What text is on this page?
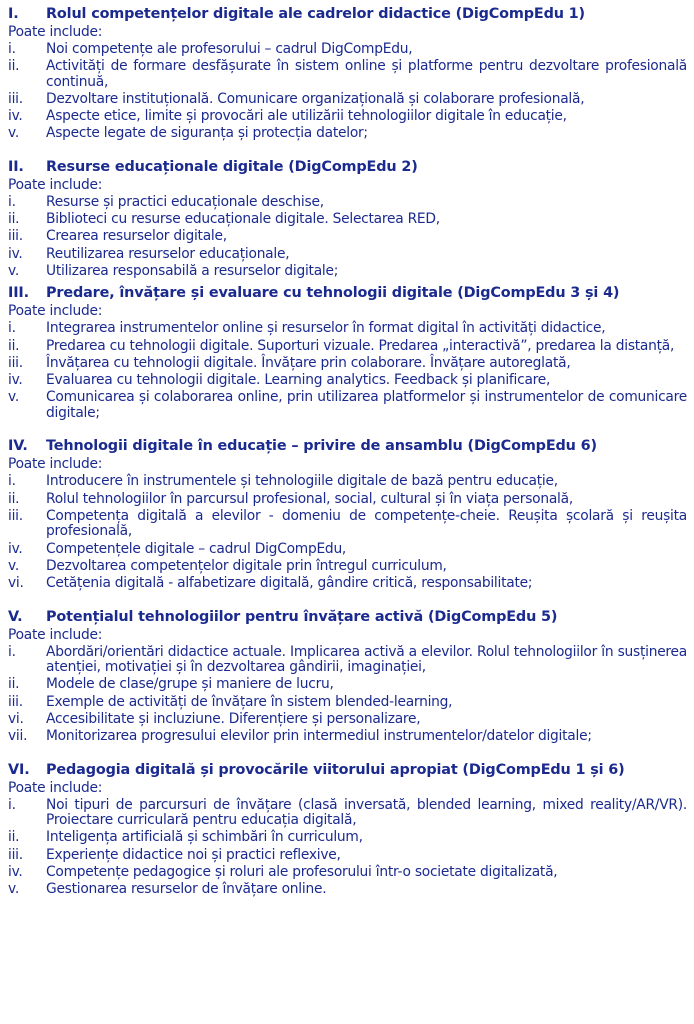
I.	Rolul competențelor digitale ale cadrelor didactice (DigCompEdu 1)
Poate include:
i.	Noi competențe ale profesorului – cadrul DigCompEdu,
ii.	Activități de formare desfășurate în sistem online și platforme pentru dezvoltare profesională continuă,
iii.	Dezvoltare instituțională. Comunicare organizațională și colaborare profesională,
iv.	Aspecte etice, limite și provocări ale utilizării tehnologiilor digitale în educație,
v.	Aspecte legate de siguranța și protecția datelor;
II.	Resurse educaționale digitale (DigCompEdu 2)
Poate include:
i.	Resurse și practici educaționale deschise,
ii.	Biblioteci cu resurse educaționale digitale. Selectarea RED,
iii.	Crearea resurselor digitale,
iv.	Reutilizarea resurselor educaționale,
v.	Utilizarea responsabilă a resurselor digitale;
III.	Predare, învățare și evaluare cu tehnologii digitale (DigCompEdu 3 și 4)
Poate include:
i.	Integrarea instrumentelor online și resurselor în format digital în activități didactice,
ii.	Predarea cu tehnologii digitale. Suporturi vizuale. Predarea „interactivă”, predarea la distanță,
iii.	Învățarea cu tehnologii digitale. Învățare prin colaborare. Învățare autoreglată,
iv.	Evaluarea cu tehnologii digitale. Learning analytics. Feedback și planificare,
v.	Comunicarea și colaborarea online, prin utilizarea platformelor și instrumentelor de comunicare digitale;
IV.	Tehnologii digitale în educație – privire de ansamblu (DigCompEdu 6)
Poate include:
i.	Introducere în instrumentele și tehnologiile digitale de bază pentru educație,
ii.	Rolul tehnologiilor în parcursul profesional, social, cultural și în viața personală,
iii.	Competența digitală a elevilor - domeniu de competențe-cheie. Reușita școlară și reușita profesională,
iv.	Competențele digitale – cadrul DigCompEdu,
v.	Dezvoltarea competențelor digitale prin întregul curriculum,
vi.	Cetățenia digitală - alfabetizare digitală, gândire critică, responsabilitate;
V.	Potențialul tehnologiilor pentru învățare activă (DigCompEdu 5)
Poate include:
i.	Abordări/orientări didactice actuale. Implicarea activă a elevilor. Rolul tehnologiilor în susținerea atenției, motivației și în dezvoltarea gândirii, imaginației,
ii.	Modele de clase/grupe și maniere de lucru,
iii.	Exemple de activități de învățare în sistem blended-learning,
vi.	Accesibilitate și incluziune. Diferențiere și personalizare,
vii.	Monitorizarea progresului elevilor prin intermediul instrumentelor/datelor digitale;
VI.	Pedagogia digitală și provocările viitorului apropiat (DigCompEdu 1 și 6)
Poate include:
i.	Noi tipuri de parcursuri de învățare (clasă inversată, blended learning, mixed reality/AR/VR). Proiectare curriculară pentru educația digitală,
ii.	Inteligența artificială și schimbări în curriculum,
iii.	Experiențe didactice noi și practici reflexive,
iv.	Competențe pedagogice și roluri ale profesorului într-o societate digitalizată,
v.	Gestionarea resurselor de învățare online.
